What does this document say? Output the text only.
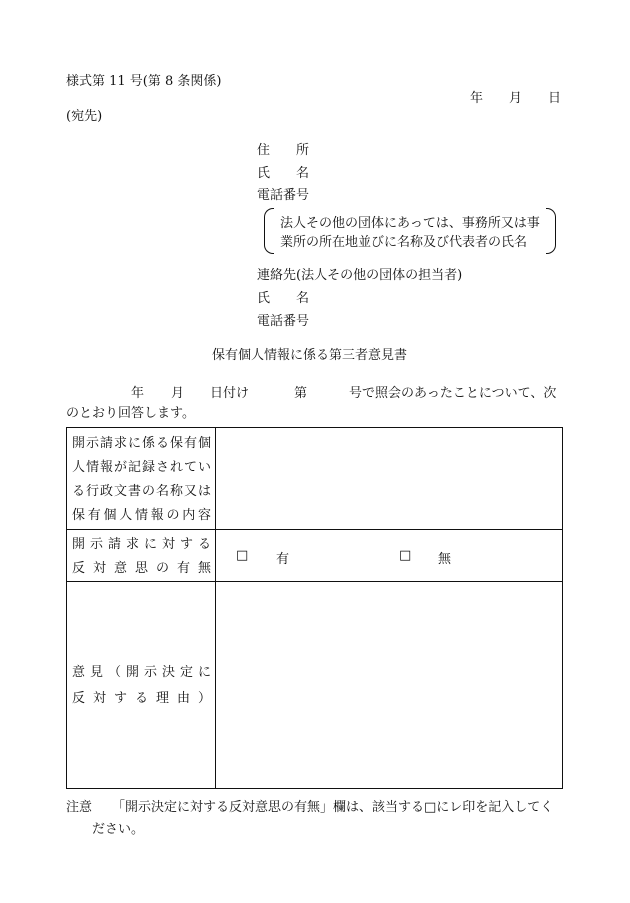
様式第 11 号(第 8 条関係)
年 月 日
(宛先)
住　　所
氏　　名
電話番号
法人その他の団体にあっては、事務所又は事
業所の所在地並びに名称及び代表者の氏名
連絡先(法人その他の団体の担当者)
氏　　名
電話番号
保有個人情報に係る第三者意見書
年 月 日付け	第	号で照会のあったことについて、次
のとおり回答します。
開示請求に係る保有個
人情報が記録されてい
る行政文書の名称又は
保有個人情報の内容	

開示請求に対する
反対意思の有無	□ 有 □ 無

意見（開示決定に
反対する理由）	

注意 「開示決定に対する反対意思の有無」欄は、該当する□にレ印を記入してく
ださい。
